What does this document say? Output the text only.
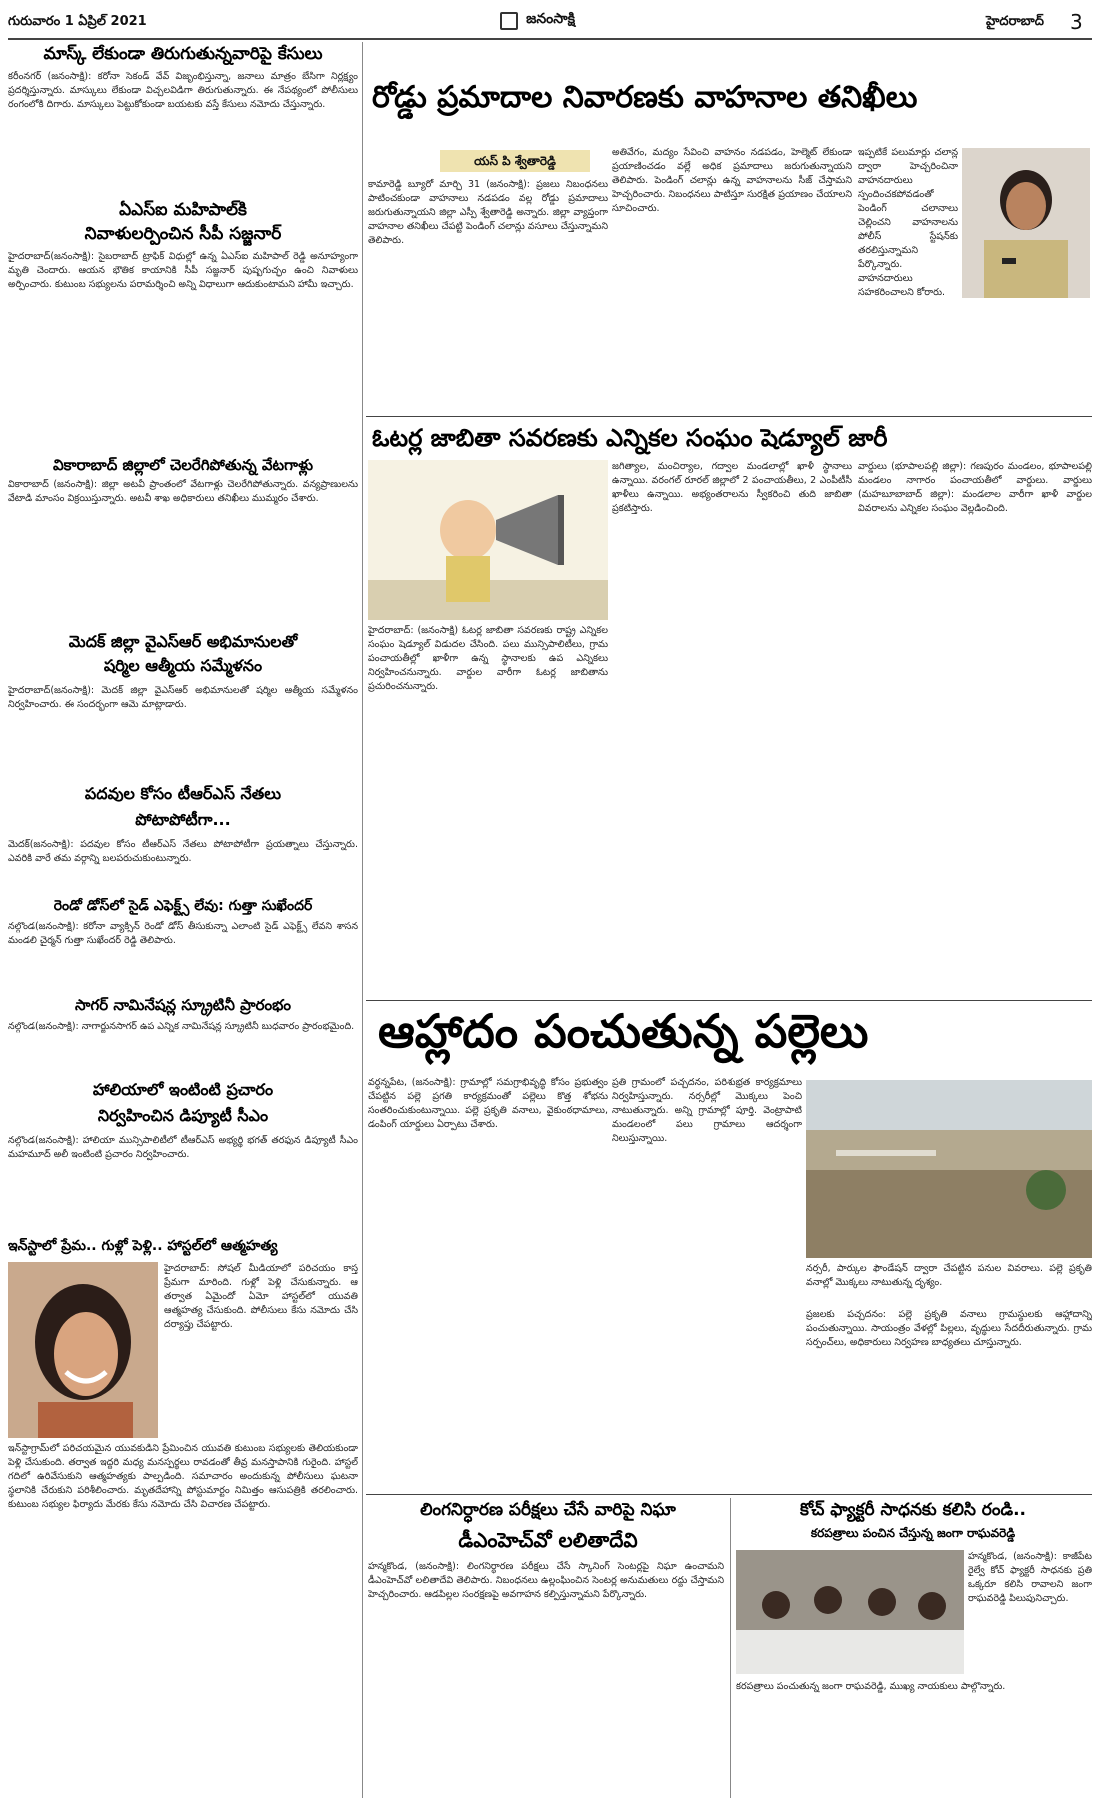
గురువారం 1 ఏప్రిల్ 2021	జనంసాక్షి	హైదరాబాద్ 3
మాస్క్ లేకుండా తిరుగుతున్నవారిపై కేసులు
కరీంనగర్ (జనంసాక్షి): కరోనా సెకండ్ వేవ్ విజృంభిస్తున్నా, జనాలు మాత్రం బేసిగా నిర్లక్ష్యం ప్రదర్శిస్తున్నారు. మాస్కులు లేకుండా విచ్చలవిడిగా తిరుగుతున్నారు. ఈ నేపథ్యంలో పోలీసులు రంగంలోకి దిగారు. మాస్కులు పెట్టుకోకుండా బయటకు వస్తే కేసులు నమోదు చేస్తున్నారు.
ఏఎస్ఐ మహిపాల్‌కి
నివాళులర్పించిన సీపీ సజ్జనార్
హైదరాబాద్(జనంసాక్షి): సైబరాబాద్ ట్రాఫిక్ విధుల్లో ఉన్న ఏఎస్ఐ మహిపాల్ రెడ్డి అనూహ్యంగా మృతి చెందారు. ఆయన భౌతిక కాయానికి సీపీ సజ్జనార్ పుష్పగుచ్ఛం ఉంచి నివాళులు అర్పించారు. కుటుంబ సభ్యులను పరామర్శించి అన్ని విధాలుగా ఆదుకుంటామని హామీ ఇచ్చారు.
వికారాబాద్ జిల్లాలో చెలరేగిపోతున్న వేటగాళ్లు
వికారాబాద్ (జనంసాక్షి): జిల్లా అటవీ ప్రాంతంలో వేటగాళ్లు చెలరేగిపోతున్నారు. వన్యప్రాణులను వేటాడి మాంసం విక్రయిస్తున్నారు. అటవీ శాఖ అధికారులు తనిఖీలు ముమ్మరం చేశారు.
మెదక్ జిల్లా వైఎస్ఆర్ అభిమానులతో
షర్మిల ఆత్మీయ సమ్మేళనం
హైదరాబాద్(జనంసాక్షి): మెదక్ జిల్లా వైఎస్ఆర్ అభిమానులతో షర్మిల ఆత్మీయ సమ్మేళనం నిర్వహించారు. ఈ సందర్భంగా ఆమె మాట్లాడారు.
పదవుల కోసం టీఆర్ఎస్ నేతలు
పోటాపోటీగా...
మెదక్(జనంసాక్షి): పదవుల కోసం టీఆర్ఎస్ నేతలు పోటాపోటీగా ప్రయత్నాలు చేస్తున్నారు. ఎవరికి వారే తమ వర్గాన్ని బలపరుచుకుంటున్నారు.
రెండో డోస్‌లో సైడ్ ఎఫెక్ట్స్ లేవు: గుత్తా సుఖేందర్
నల్గొండ(జనంసాక్షి): కరోనా వ్యాక్సిన్ రెండో డోస్ తీసుకున్నా ఎలాంటి సైడ్ ఎఫెక్ట్స్ లేవని శాసన మండలి చైర్మన్ గుత్తా సుఖేందర్ రెడ్డి తెలిపారు.
సాగర్ నామినేషన్ల స్క్రూటినీ ప్రారంభం
నల్గొండ(జనంసాక్షి): నాగార్జునసాగర్ ఉప ఎన్నిక నామినేషన్ల స్క్రూటినీ బుధవారం ప్రారంభమైంది.
హాలియాలో ఇంటింటి ప్రచారం
నిర్వహించిన డిప్యూటీ సీఎం
నల్గొండ(జనంసాక్షి): హాలియా మున్సిపాలిటీలో టీఆర్ఎస్ అభ్యర్థి భగత్ తరఫున డిప్యూటీ సీఎం మహమూద్ అలీ ఇంటింటి ప్రచారం నిర్వహించారు.
ఇన్‌స్టాలో ప్రేమ.. గుళ్లో పెళ్లి.. హాస్టల్‌లో ఆత్మహత్య
హైదరాబాద్: సోషల్ మీడియాలో పరిచయం కాస్త ప్రేమగా మారింది. గుళ్లో పెళ్లి చేసుకున్నారు. ఆ తర్వాత ఏమైందో ఏమో హాస్టల్‌లో యువతి ఆత్మహత్య చేసుకుంది. పోలీసులు కేసు నమోదు చేసి దర్యాప్తు చేపట్టారు.
ఇన్‌స్టాగ్రామ్‌లో పరిచయమైన యువకుడిని ప్రేమించిన యువతి కుటుంబ సభ్యులకు తెలియకుండా పెళ్లి చేసుకుంది. తర్వాత ఇద్దరి మధ్య మనస్పర్థలు రావడంతో తీవ్ర మనస్తాపానికి గురైంది. హాస్టల్ గదిలో ఉరివేసుకుని ఆత్మహత్యకు పాల్పడింది. సమాచారం అందుకున్న పోలీసులు ఘటనా స్థలానికి చేరుకుని పరిశీలించారు. మృతదేహాన్ని పోస్టుమార్టం నిమిత్తం ఆసుపత్రికి తరలించారు. కుటుంబ సభ్యుల ఫిర్యాదు మేరకు కేసు నమోదు చేసి విచారణ చేపట్టారు.
రోడ్డు ప్రమాదాల నివారణకు వాహనాల తనిఖీలు
యస్ పి శ్వేతారెడ్డి
కామారెడ్డి బ్యూరో మార్చి 31 (జనంసాక్షి): ప్రజలు నిబంధనలు పాటించకుండా వాహనాలు నడపడం వల్ల రోడ్డు ప్రమాదాలు జరుగుతున్నాయని జిల్లా ఎస్పీ శ్వేతారెడ్డి అన్నారు. జిల్లా వ్యాప్తంగా వాహనాల తనిఖీలు చేపట్టి పెండింగ్ చలాన్లు వసూలు చేస్తున్నామని తెలిపారు.
అతివేగం, మద్యం సేవించి వాహనం నడపడం, హెల్మెట్ లేకుండా ప్రయాణించడం వల్లే అధిక ప్రమాదాలు జరుగుతున్నాయని తెలిపారు. పెండింగ్ చలాన్లు ఉన్న వాహనాలను సీజ్ చేస్తామని హెచ్చరించారు. నిబంధనలు పాటిస్తూ సురక్షిత ప్రయాణం చేయాలని సూచించారు.
ఇప్పటికే పలుమార్లు చలాన్ల ద్వారా హెచ్చరించినా వాహనదారులు స్పందించకపోవడంతో పెండింగ్ చలానాలు చెల్లించని వాహనాలను పోలీస్ స్టేషన్‌కు తరలిస్తున్నామని పేర్కొన్నారు. వాహనదారులు సహకరించాలని కోరారు.
ఓటర్ల జాబితా సవరణకు ఎన్నికల సంఘం షెడ్యూల్ జారీ
హైదరాబాద్: (జనంసాక్షి) ఓటర్ల జాబితా సవరణకు రాష్ట్ర ఎన్నికల సంఘం షెడ్యూల్ విడుదల చేసింది. పలు మున్సిపాలిటీలు, గ్రామ పంచాయతీల్లో ఖాళీగా ఉన్న స్థానాలకు ఉప ఎన్నికలు నిర్వహించనున్నారు. వార్డుల వారీగా ఓటర్ల జాబితాను ప్రచురించనున్నారు.
జగిత్యాల, మంచిర్యాల, గద్వాల మండలాల్లో ఖాళీ స్థానాలు ఉన్నాయి. వరంగల్ రూరల్ జిల్లాలో 2 పంచాయతీలు, 2 ఎంపీటీసీ ఖాళీలు ఉన్నాయి. అభ్యంతరాలను స్వీకరించి తుది జాబితా ప్రకటిస్తారు.
వార్డులు (భూపాలపల్లి జిల్లా): గణపురం మండలం, భూపాలపల్లి మండలం నాగారం పంచాయతీలో వార్డులు. వార్డులు (మహబూబాబాద్ జిల్లా): మండలాల వారీగా ఖాళీ వార్డుల వివరాలను ఎన్నికల సంఘం వెల్లడించింది.
ఆహ్లాదం పంచుతున్న పల్లెలు
వర్ధన్నపేట, (జనంసాక్షి): గ్రామాల్లో సమగ్రాభివృద్ధి కోసం ప్రభుత్వం చేపట్టిన పల్లె ప్రగతి కార్యక్రమంతో పల్లెలు కొత్త శోభను సంతరించుకుంటున్నాయి. పల్లె ప్రకృతి వనాలు, వైకుంఠధామాలు, డంపింగ్ యార్డులు ఏర్పాటు చేశారు.
ప్రతి గ్రామంలో పచ్చదనం, పరిశుభ్రత కార్యక్రమాలు నిర్వహిస్తున్నారు. నర్సరీల్లో మొక్కలు పెంచి నాటుతున్నారు. అన్ని గ్రామాల్లో పూర్తి. వెంట్రాపాటి మండలంలో పలు గ్రామాలు ఆదర్శంగా నిలుస్తున్నాయి.
నర్సరీ, పార్కుల ఫౌండేషన్ ద్వారా చేపట్టిన పనుల వివరాలు. పల్లె ప్రకృతి వనాల్లో మొక్కలు నాటుతున్న దృశ్యం.
ప్రజలకు పచ్చదనం: పల్లె ప్రకృతి వనాలు గ్రామస్థులకు ఆహ్లాదాన్ని పంచుతున్నాయి. సాయంత్రం వేళల్లో పిల్లలు, వృద్ధులు సేదదీరుతున్నారు. గ్రామ సర్పంచ్‌లు, అధికారులు నిర్వహణ బాధ్యతలు చూస్తున్నారు.
లింగనిర్ధారణ పరీక్షలు చేసే వారిపై నిఘా
డీఎంహెచ్‌వో లలితాదేవి
హన్మకొండ, (జనంసాక్షి): లింగనిర్ధారణ పరీక్షలు చేసే స్కానింగ్ సెంటర్లపై నిఘా ఉంచామని డీఎంహెచ్‌వో లలితాదేవి తెలిపారు. నిబంధనలు ఉల్లంఘించిన సెంటర్ల అనుమతులు రద్దు చేస్తామని హెచ్చరించారు. ఆడపిల్లల సంరక్షణపై అవగాహన కల్పిస్తున్నామని పేర్కొన్నారు.
కోచ్ ఫ్యాక్టరీ సాధనకు కలిసి రండి..
కరపత్రాలు పంచిన చేస్తున్న జంగా రాఘవరెడ్డి
హన్మకొండ, (జనంసాక్షి): కాజీపేట రైల్వే కోచ్ ఫ్యాక్టరీ సాధనకు ప్రతి ఒక్కరూ కలిసి రావాలని జంగా రాఘవరెడ్డి పిలుపునిచ్చారు.
కరపత్రాలు పంచుతున్న జంగా రాఘవరెడ్డి, ముఖ్య నాయకులు పాల్గొన్నారు.
